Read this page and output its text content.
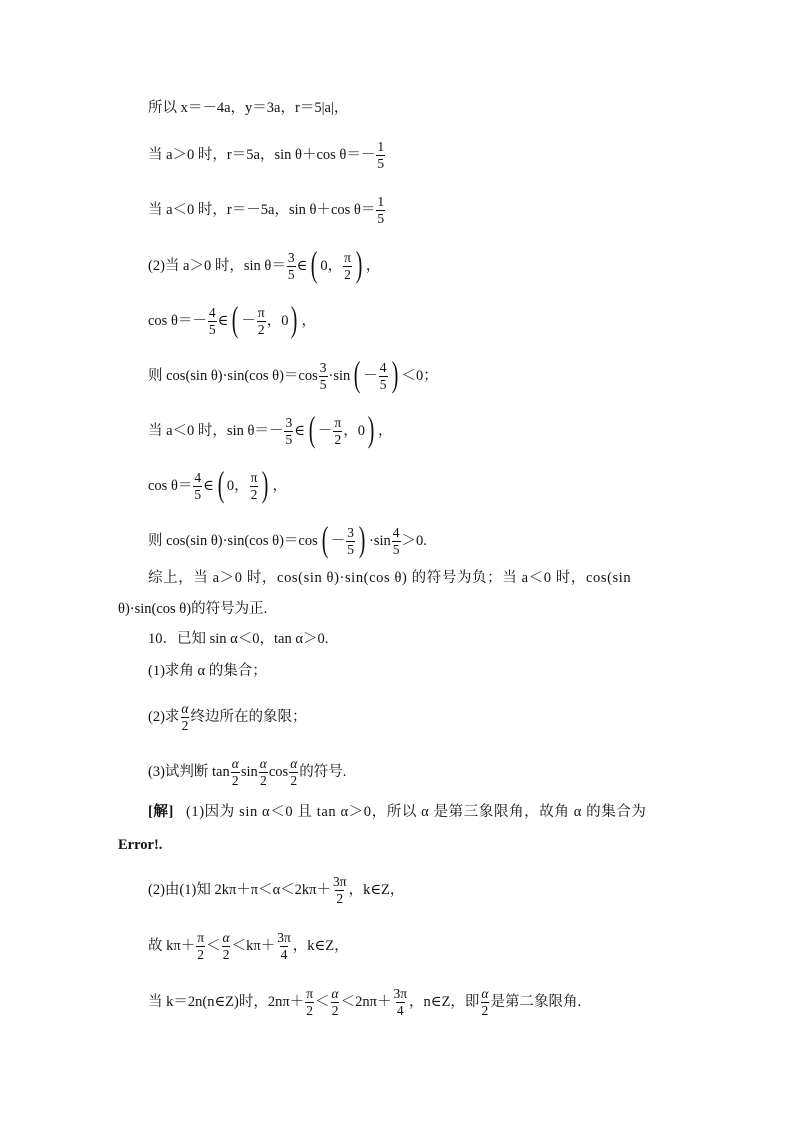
所以 x＝－4a，y＝3a，r＝5|a|，
当 a＞0 时，r＝5a，sin θ＋cos θ＝－
1
5
当 a＜0 时，r＝－5a，sin θ＋cos θ＝
1
5
(2)当 a＞0 时，sin θ＝
3
5 ∈ ( 0，
π
2 ) ，
cos θ＝－
4
5 ∈ ( －
π
2 ，0 ) ，
则 cos(sin θ)·sin(cos θ)＝cos
3
5 ·sin ( －
4
5 ) ＜0；
当 a＜0 时，sin θ＝－
3
5 ∈ ( －
π
2 ，0 ) ，
cos θ＝
4
5 ∈ ( 0，
π
2 ) ，
则 cos(sin θ)·sin(cos θ)＝cos ( －
3
5 ) ·sin
4
5 ＞0.
综上，当 a＞0 时，cos(sin θ)·sin(cos θ) 的符号为负；当 a＜0 时，cos(sin
θ)·sin(cos θ)的符号为正.
10．已知 sin α＜0，tan α＞0.
(1)求角 α 的集合；
(2)求
α
2 终边所在的象限；
(3)试判断 tan
α
2 sin
α
2 cos
α
2 的符号.
[解] (1)因为 sin α＜0 且 tan α＞0，所以 α 是第三象限角，故角 α 的集合为
Error!.
(2)由(1)知 2kπ＋π＜α＜2kπ＋
3π
2 ，k∈Z，
故 kπ＋
π
2 ＜
α
2 ＜kπ＋
3π
4 ，k∈Z，
当 k＝2n(n∈Z)时，2nπ＋
π
2 ＜
α
2 ＜2nπ＋
3π
4 ，n∈Z，即
α
2 是第二象限角.
